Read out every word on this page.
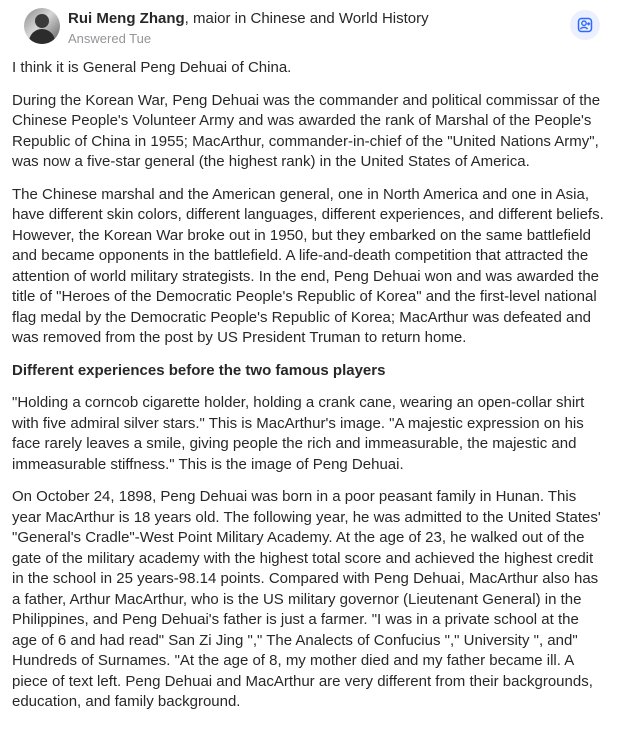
Rui Meng Zhang, maior in Chinese and World History
Answered Tue

I think it is General Peng Dehuai of China.

During the Korean War, Peng Dehuai was the commander and political commissar of the Chinese People's Volunteer Army and was awarded the rank of Marshal of the People's Republic of China in 1955; MacArthur, commander-in-chief of the "United Nations Army", was now a five-star general (the highest rank) in the United States of America.

The Chinese marshal and the American general, one in North America and one in Asia, have different skin colors, different languages, different experiences, and different beliefs. However, the Korean War broke out in 1950, but they embarked on the same battlefield and became opponents in the battlefield. A life-and-death competition that attracted the attention of world military strategists. In the end, Peng Dehuai won and was awarded the title of "Heroes of the Democratic People's Republic of Korea" and the first-level national flag medal by the Democratic People's Republic of Korea; MacArthur was defeated and was removed from the post by US President Truman to return home.

Different experiences before the two famous players

"Holding a corncob cigarette holder, holding a crank cane, wearing an open-collar shirt with five admiral silver stars." This is MacArthur's image. "A majestic expression on his face rarely leaves a smile, giving people the rich and immeasurable, the majestic and immeasurable stiffness." This is the image of Peng Dehuai.

On October 24, 1898, Peng Dehuai was born in a poor peasant family in Hunan. This year MacArthur is 18 years old. The following year, he was admitted to the United States' "General's Cradle"-West Point Military Academy. At the age of 23, he walked out of the gate of the military academy with the highest total score and achieved the highest credit in the school in 25 years-98.14 points. Compared with Peng Dehuai, MacArthur also has a father, Arthur MacArthur, who is the US military governor (Lieutenant General) in the Philippines, and Peng Dehuai's father is just a farmer. "I was in a private school at the age of 6 and had read" San Zi Jing "," The Analects of Confucius "," University ", and" Hundreds of Surnames. "At the age of 8, my mother died and my father became ill. A piece of text left. Peng Dehuai and MacArthur are very different from their backgrounds, education, and family background.
